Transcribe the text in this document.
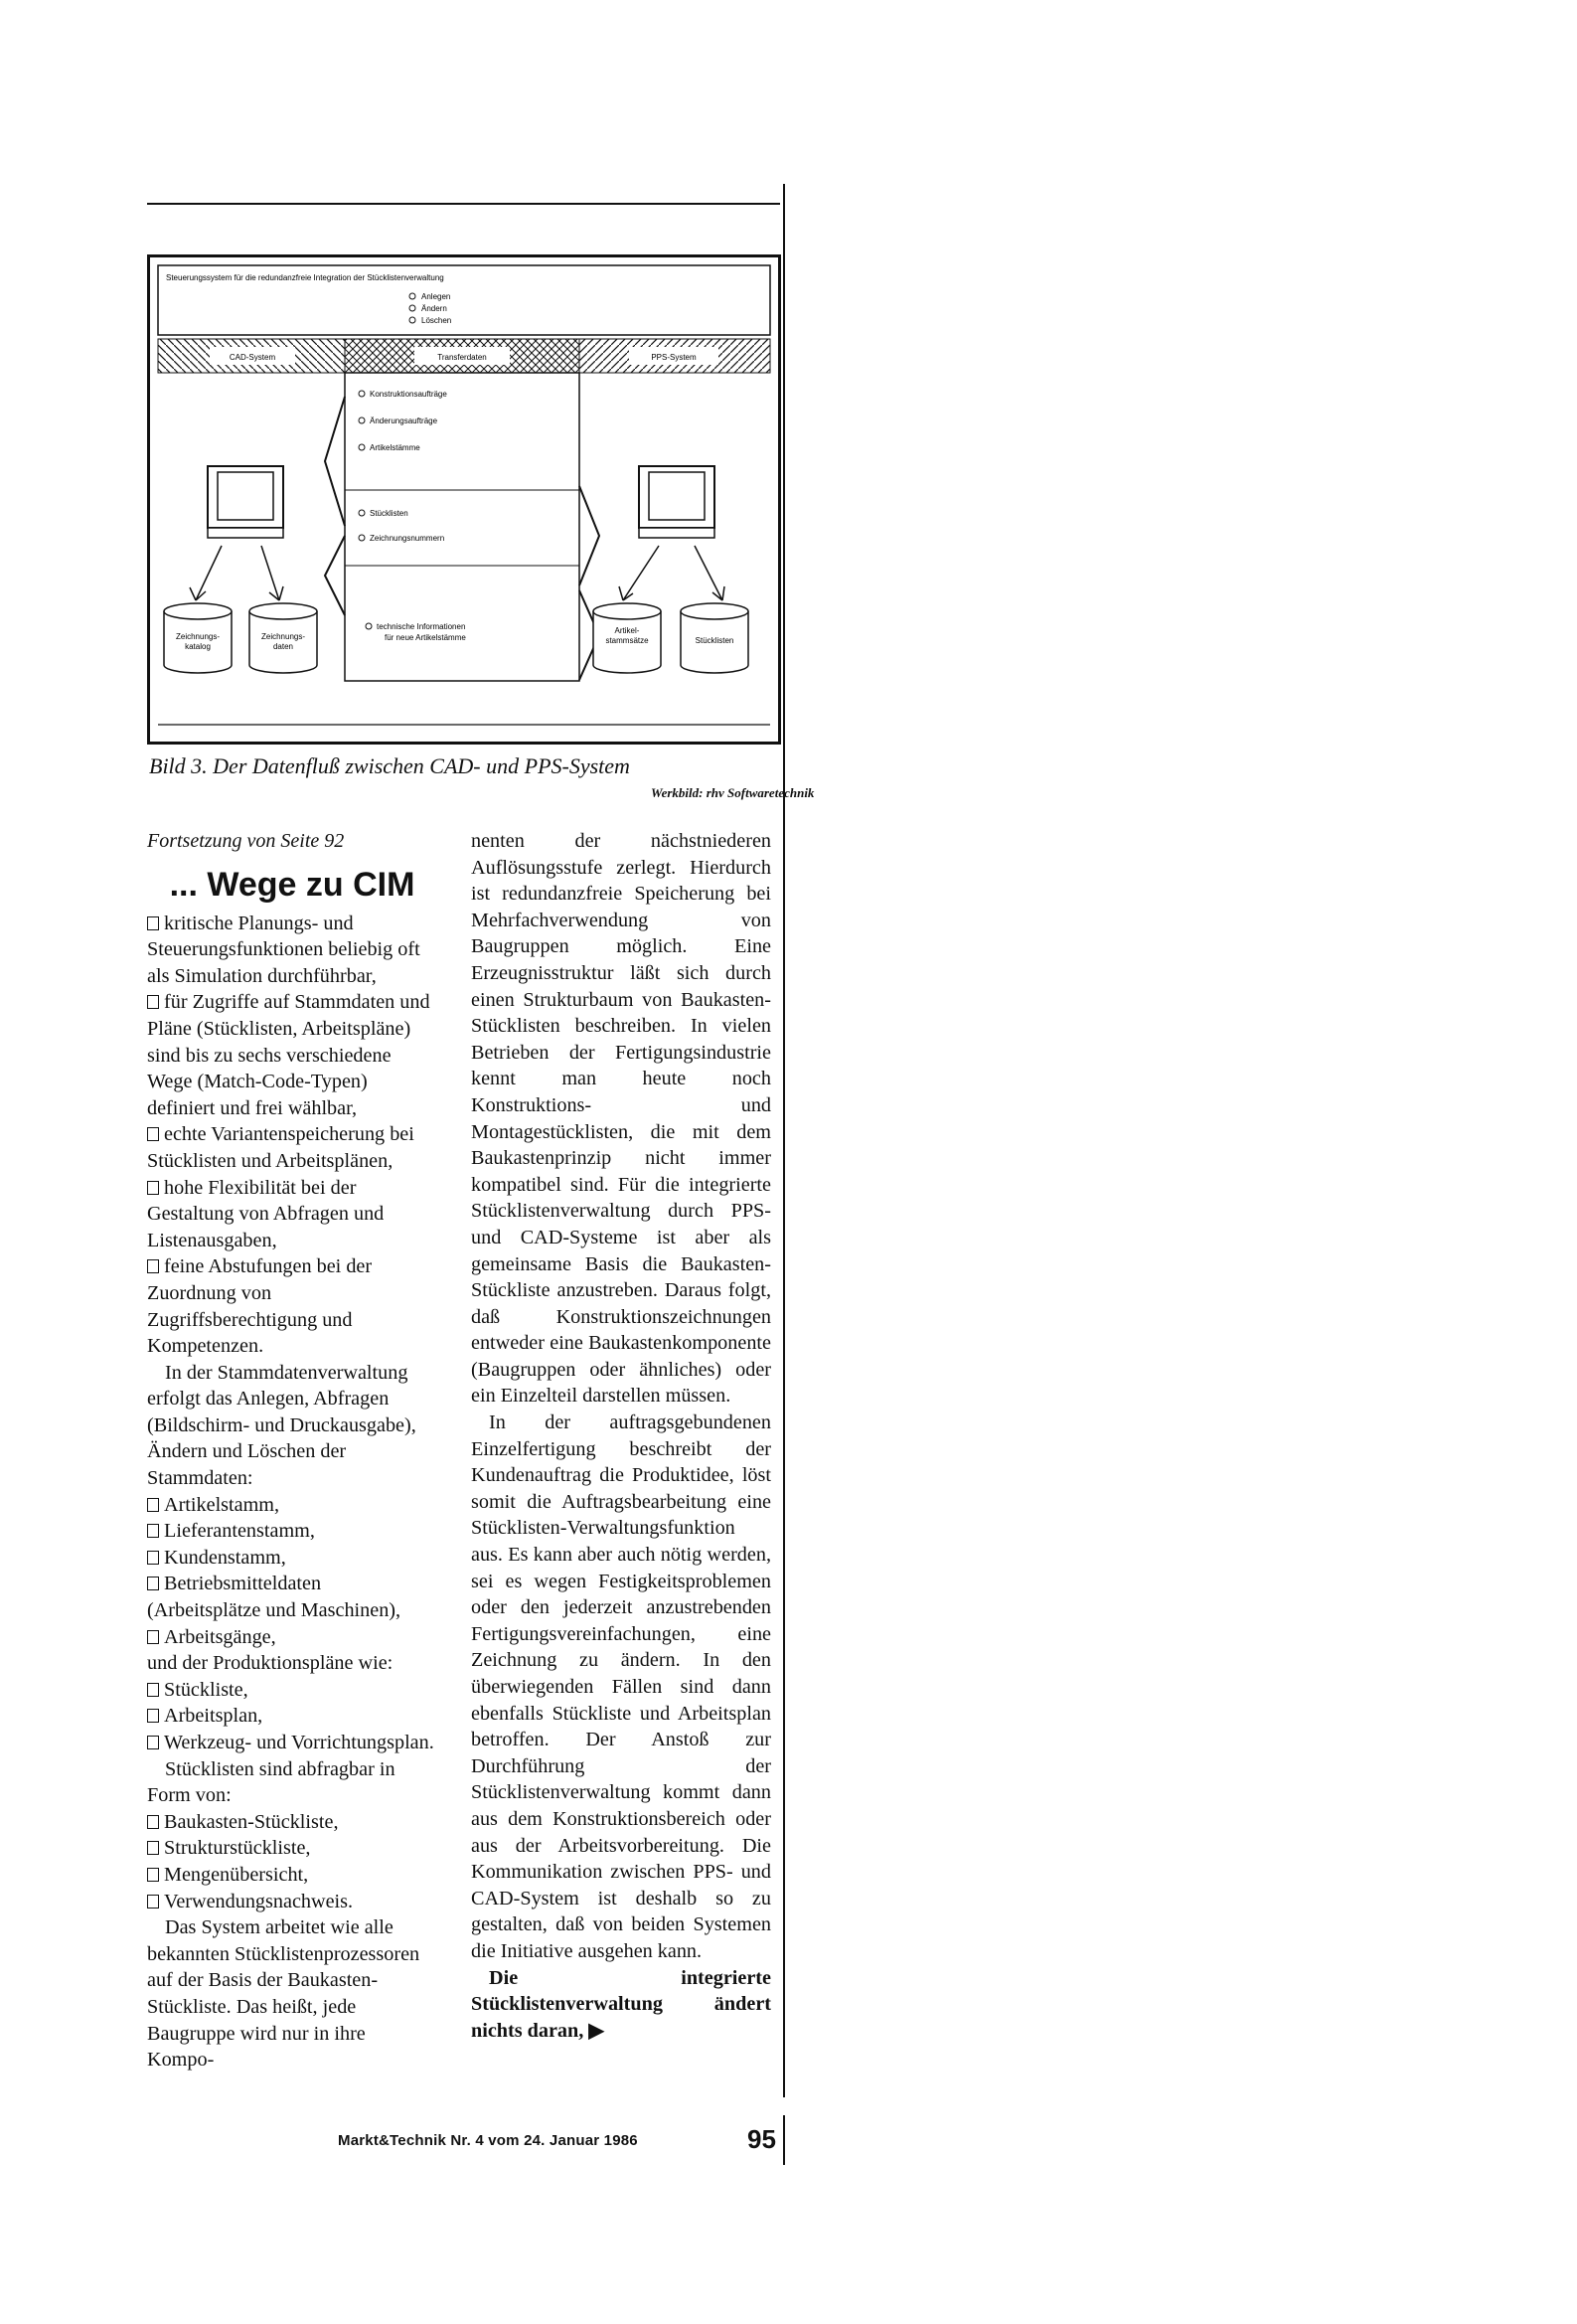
Steuerungssystem für die redundanzfreie Integration der Stücklistenverwaltung
Anlegen
Ändern
Löschen
CAD-System	Transferdaten	PPS-System
Konstruktionsaufträge
Änderungsaufträge
Artikelstämme
Stücklisten
Zeichnungsnummern
technische Informationen
für neue Artikelstämme
Zeichnungs-
katalog
Zeichnungs-
daten
Artikel-
stammsätze	Stücklisten
Bild 3. Der Datenfluß zwischen CAD- und PPS-System
Werkbild: rhv Softwaretechnik

Fortsetzung von Seite 92

... Wege zu CIM

kritische Planungs- und Steuerungsfunktionen beliebig oft als Simulation durchführbar,

für Zugriffe auf Stammdaten und Pläne (Stücklisten, Arbeitspläne) sind bis zu sechs verschiedene Wege (Match-Code-Typen) definiert und frei wählbar,

echte Variantenspeicherung bei Stücklisten und Arbeitsplänen,

hohe Flexibilität bei der Gestaltung von Abfragen und Listenausgaben,

feine Abstufungen bei der Zuordnung von Zugriffsberechtigung und Kompetenzen.

In der Stammdatenverwaltung erfolgt das Anlegen, Abfragen (Bildschirm- und Druckausgabe), Ändern und Löschen der Stammdaten:

Artikelstamm,

Lieferantenstamm,

Kundenstamm,

Betriebsmitteldaten (Arbeitsplätze und Maschinen),

Arbeitsgänge,

und der Produktionspläne wie:

Stückliste,

Arbeitsplan,

Werkzeug- und Vorrichtungsplan.

Stücklisten sind abfragbar in Form von:

Baukasten-Stückliste,

Strukturstückliste,

Mengenübersicht,

Verwendungsnachweis.

Das System arbeitet wie alle bekannten Stücklistenprozessoren auf der Basis der Baukasten-Stückliste. Das heißt, jede Baugruppe wird nur in ihre Kompo-

nenten der nächstniederen Auflösungsstufe zerlegt. Hierdurch ist redundanzfreie Speicherung bei Mehrfachverwendung von Baugruppen möglich. Eine Erzeugnisstruktur läßt sich durch einen Strukturbaum von Baukasten-Stücklisten beschreiben. In vielen Betrieben der Fertigungsindustrie kennt man heute noch Konstruktions- und Montagestücklisten, die mit dem Baukastenprinzip nicht immer kompatibel sind. Für die integrierte Stücklistenverwaltung durch PPS- und CAD-Systeme ist aber als gemeinsame Basis die Baukasten-Stückliste anzustreben. Daraus folgt, daß Konstruktionszeichnungen entweder eine Baukastenkomponente (Baugruppen oder ähnliches) oder ein Einzelteil darstellen müssen.

In der auftragsgebundenen Einzelfertigung beschreibt der Kundenauftrag die Produktidee, löst somit die Auftragsbearbeitung eine Stücklisten-Verwaltungsfunktion aus. Es kann aber auch nötig werden, sei es wegen Festigkeitsproblemen oder den jederzeit anzustrebenden Fertigungsvereinfachungen, eine Zeichnung zu ändern. In den überwiegenden Fällen sind dann ebenfalls Stückliste und Arbeitsplan betroffen. Der Anstoß zur Durchführung der Stücklistenverwaltung kommt dann aus dem Konstruktionsbereich oder aus der Arbeitsvorbereitung. Die Kommunikation zwischen PPS- und CAD-System ist deshalb so zu gestalten, daß von beiden Systemen die Initiative ausgehen kann.

Die integrierte Stücklistenverwaltung ändert nichts daran, ▶

Markt&Technik Nr. 4 vom 24. Januar 1986	95
